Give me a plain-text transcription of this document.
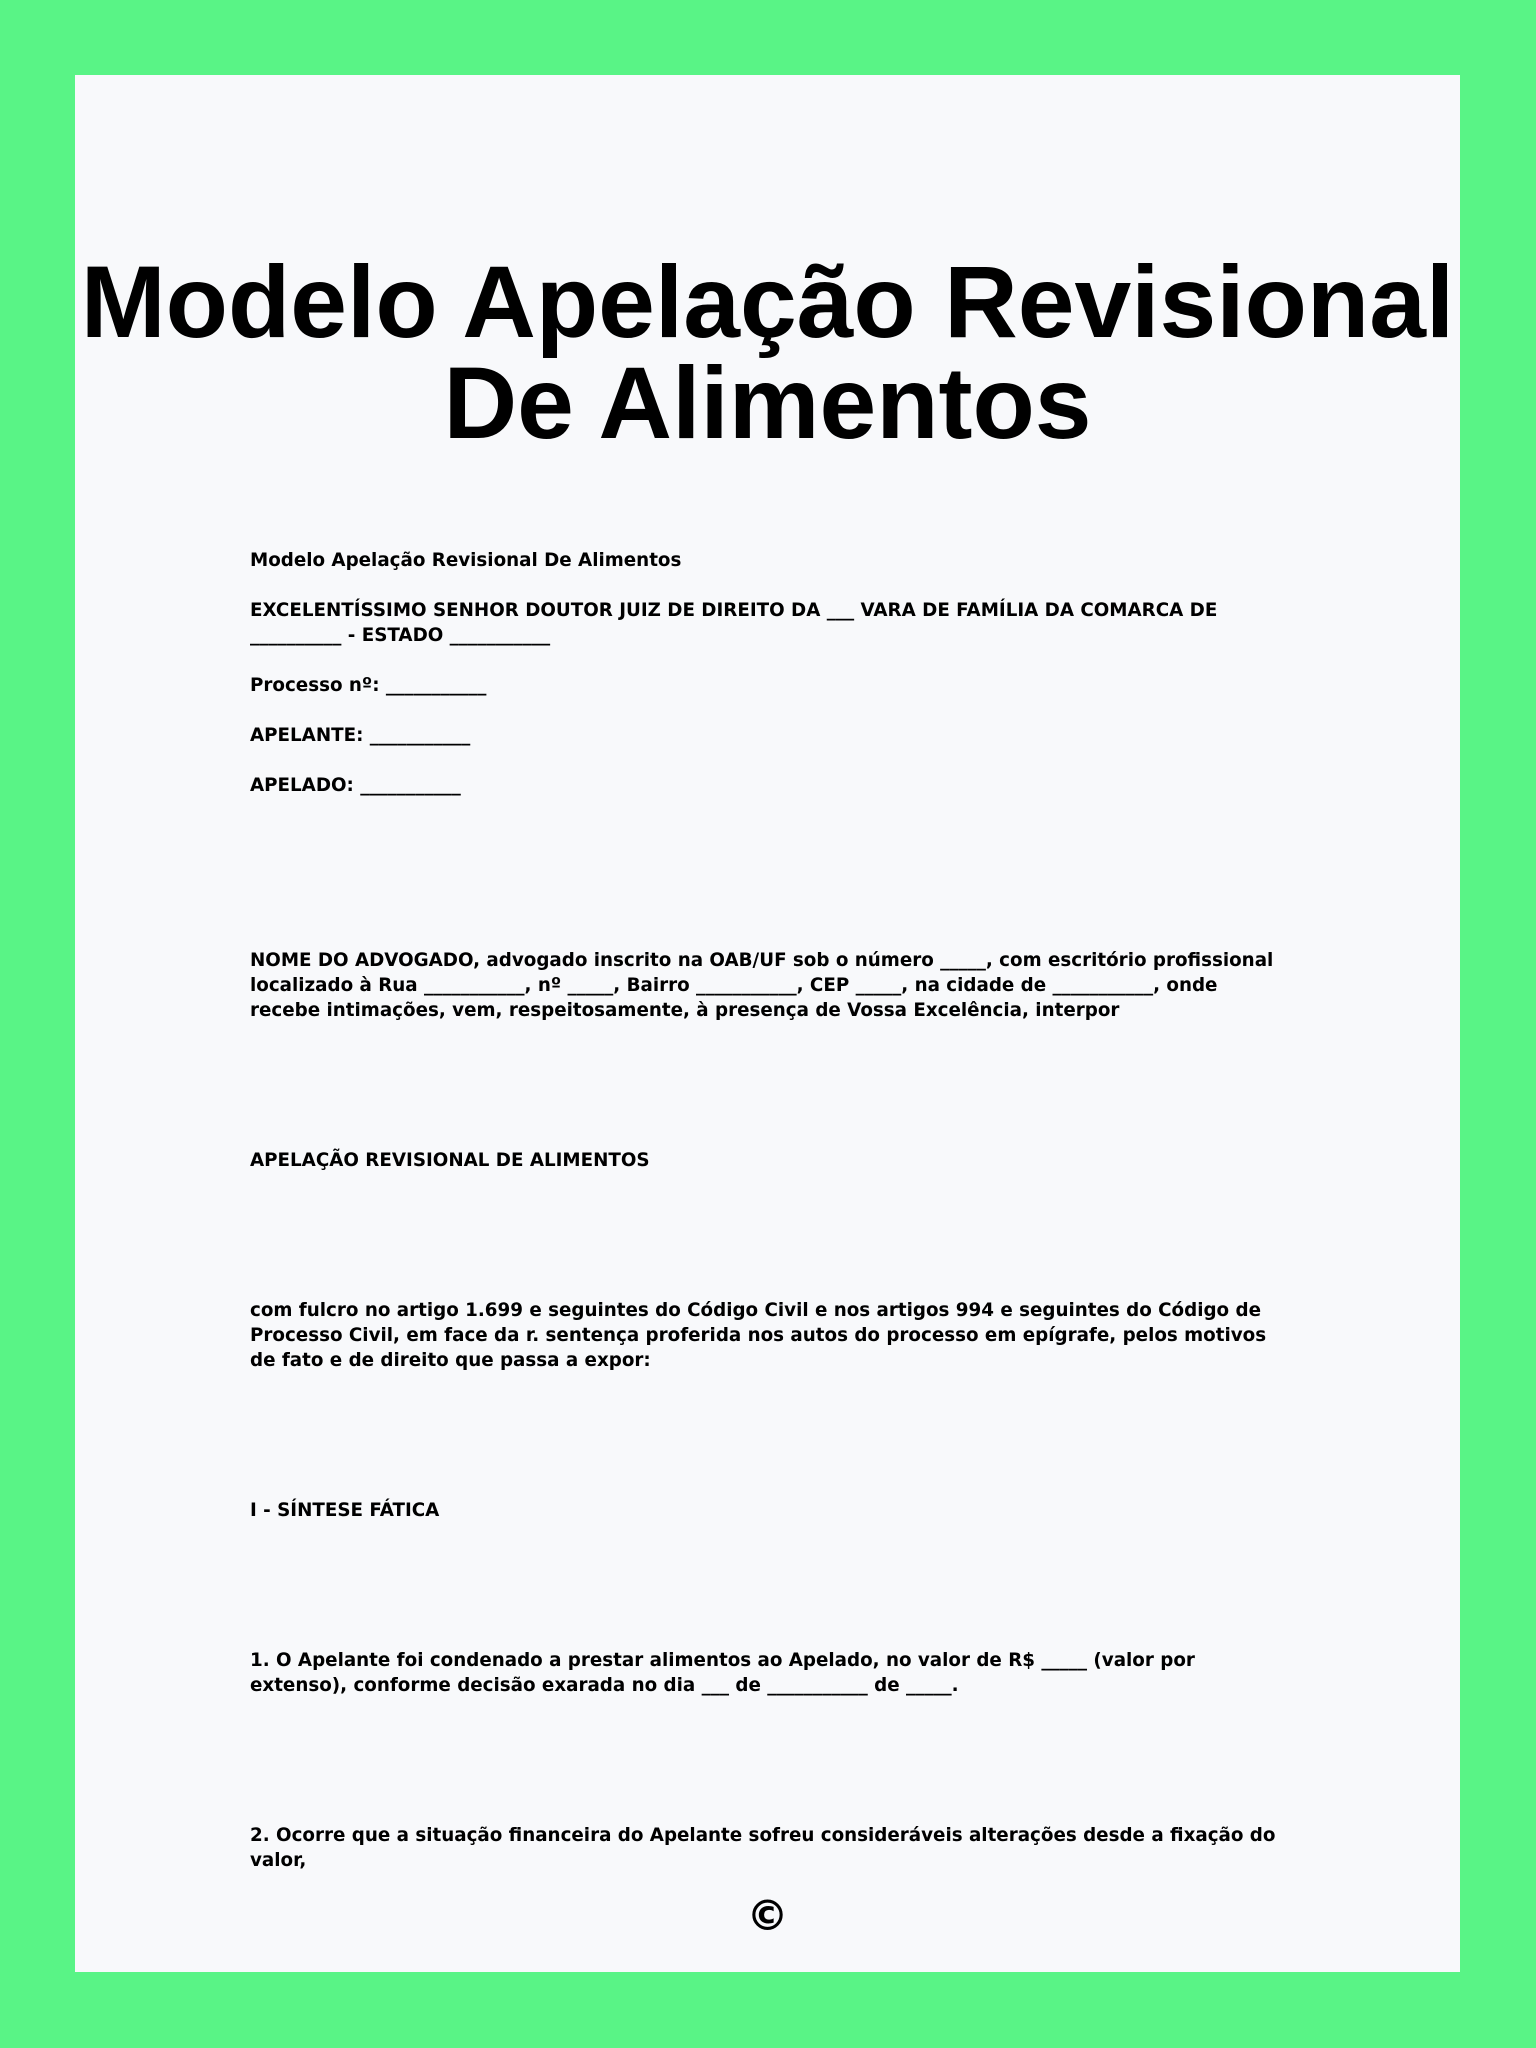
Modelo Apelação Revisional De Alimentos

Modelo Apelação Revisional De Alimentos

EXCELENTÍSSIMO SENHOR DOUTOR JUIZ DE DIREITO DA ___ VARA DE FAMÍLIA DA COMARCA DE __________ - ESTADO ___________

Processo nº: ___________

APELANTE: ___________

APELADO: ___________

NOME DO ADVOGADO, advogado inscrito na OAB/UF sob o número _____, com escritório profissional localizado à Rua ___________, nº _____, Bairro ___________, CEP _____, na cidade de ___________, onde recebe intimações, vem, respeitosamente, à presença de Vossa Excelência, interpor

APELAÇÃO REVISIONAL DE ALIMENTOS

com fulcro no artigo 1.699 e seguintes do Código Civil e nos artigos 994 e seguintes do Código de Processo Civil, em face da r. sentença proferida nos autos do processo em epígrafe, pelos motivos de fato e de direito que passa a expor:

I - SÍNTESE FÁTICA

1. O Apelante foi condenado a prestar alimentos ao Apelado, no valor de R$ _____ (valor por extenso), conforme decisão exarada no dia ___ de ___________ de _____.

2. Ocorre que a situação financeira do Apelante sofreu consideráveis alterações desde a fixação do valor,

©
